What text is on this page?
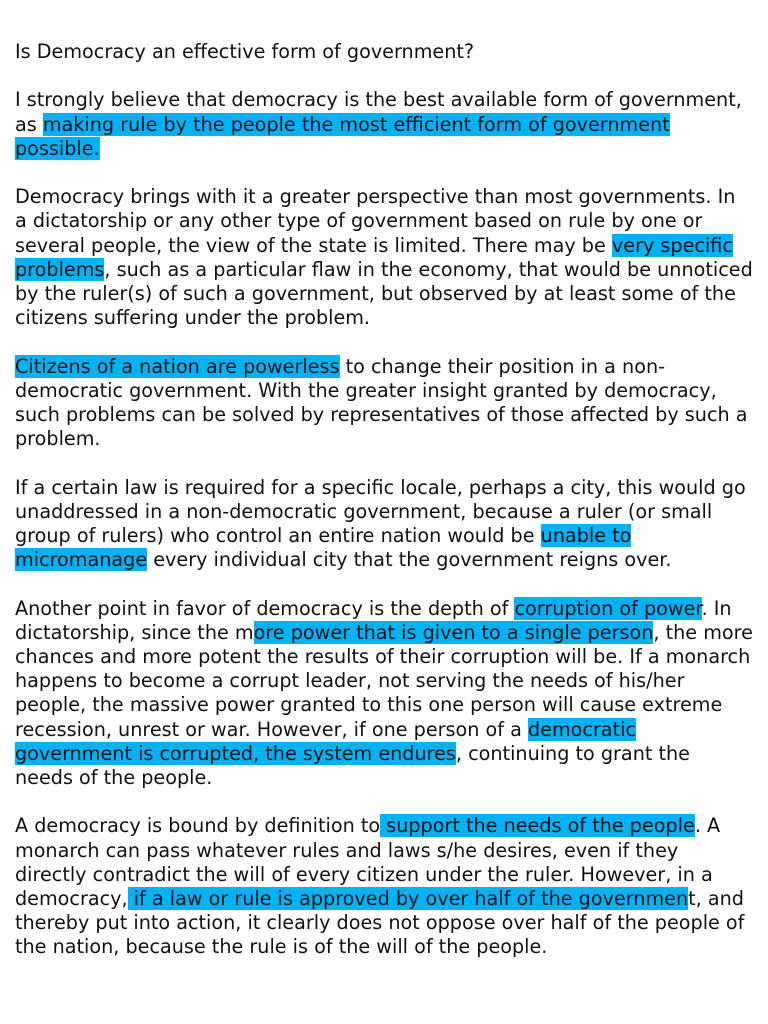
Is Democracy an effective form of government?
I strongly believe that democracy is the best available form of government, as making rule by the people the most efficient form of government possible.
Democracy brings with it a greater perspective than most governments. In a dictatorship or any other type of government based on rule by one or several people, the view of the state is limited. There may be very specific problems, such as a particular flaw in the economy, that would be unnoticed by the ruler(s) of such a government, but observed by at least some of the citizens suffering under the problem.
Citizens of a nation are powerless to change their position in a non-democratic government. With the greater insight granted by democracy, such problems can be solved by representatives of those affected by such a problem.
If a certain law is required for a specific locale, perhaps a city, this would go unaddressed in a non-democratic government, because a ruler (or small group of rulers) who control an entire nation would be unable to micromanage every individual city that the government reigns over.
Another point in favor of democracy is the depth of corruption of power. In dictatorship, since the more power that is given to a single person, the more chances and more potent the results of their corruption will be. If a monarch happens to become a corrupt leader, not serving the needs of his/her people, the massive power granted to this one person will cause extreme recession, unrest or war. However, if one person of a democratic government is corrupted, the system endures, continuing to grant the needs of the people.
A democracy is bound by definition to support the needs of the people. A monarch can pass whatever rules and laws s/he desires, even if they directly contradict the will of every citizen under the ruler. However, in a democracy, if a law or rule is approved by over half of the government, and thereby put into action, it clearly does not oppose over half of the people of the nation, because the rule is of the will of the people.
